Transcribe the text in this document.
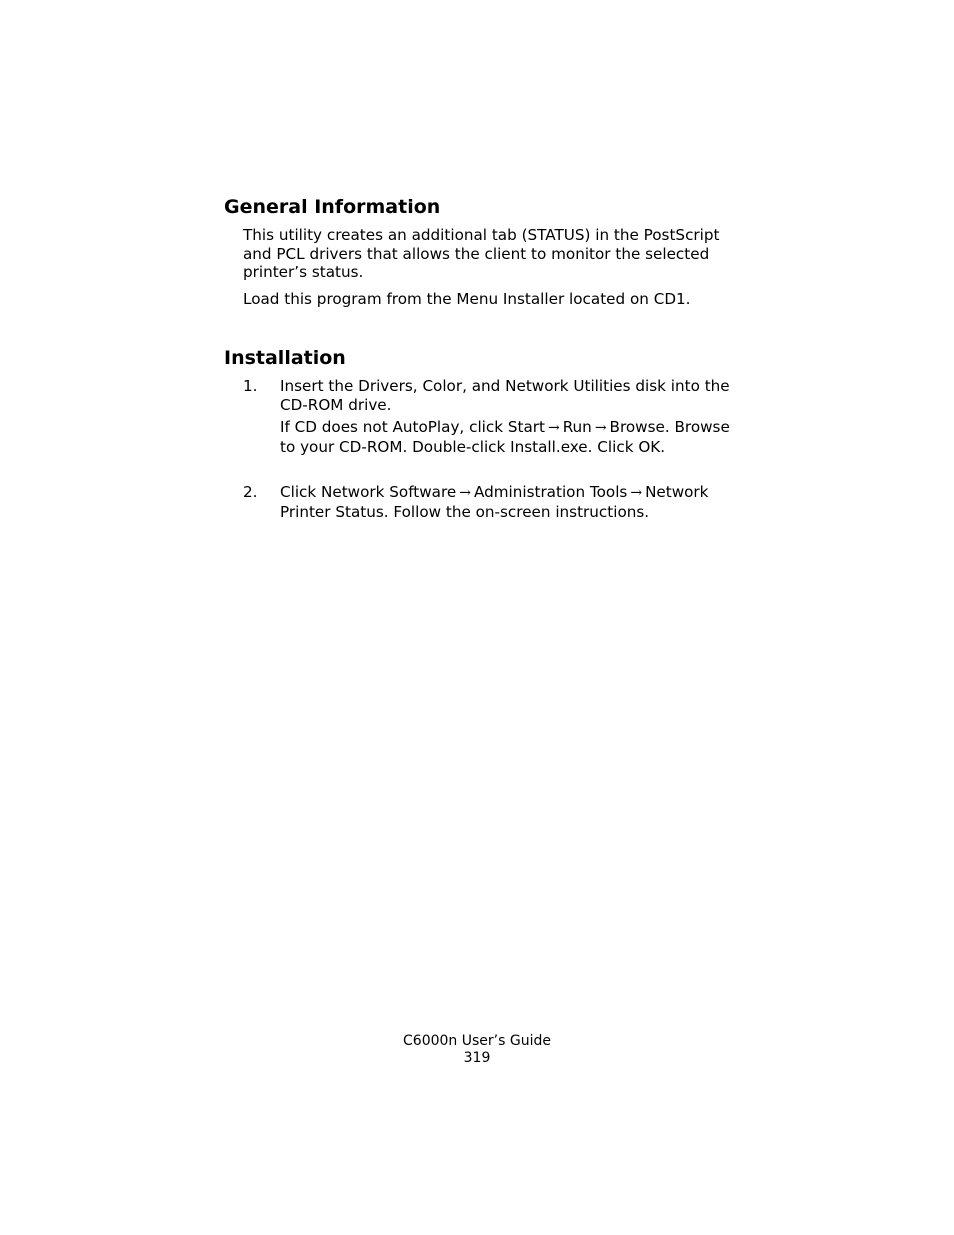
General Information

This utility creates an additional tab (STATUS) in the PostScript and PCL drivers that allows the client to monitor the selected printer’s status.

Load this program from the Menu Installer located on CD1.

Installation

1. Insert the Drivers, Color, and Network Utilities disk into the CD-ROM drive.

If CD does not AutoPlay, click Start → Run → Browse. Browse to your CD-ROM. Double-click Install.exe. Click OK.

2. Click Network Software → Administration Tools → Network Printer Status. Follow the on-screen instructions.

C6000n User’s Guide

319
